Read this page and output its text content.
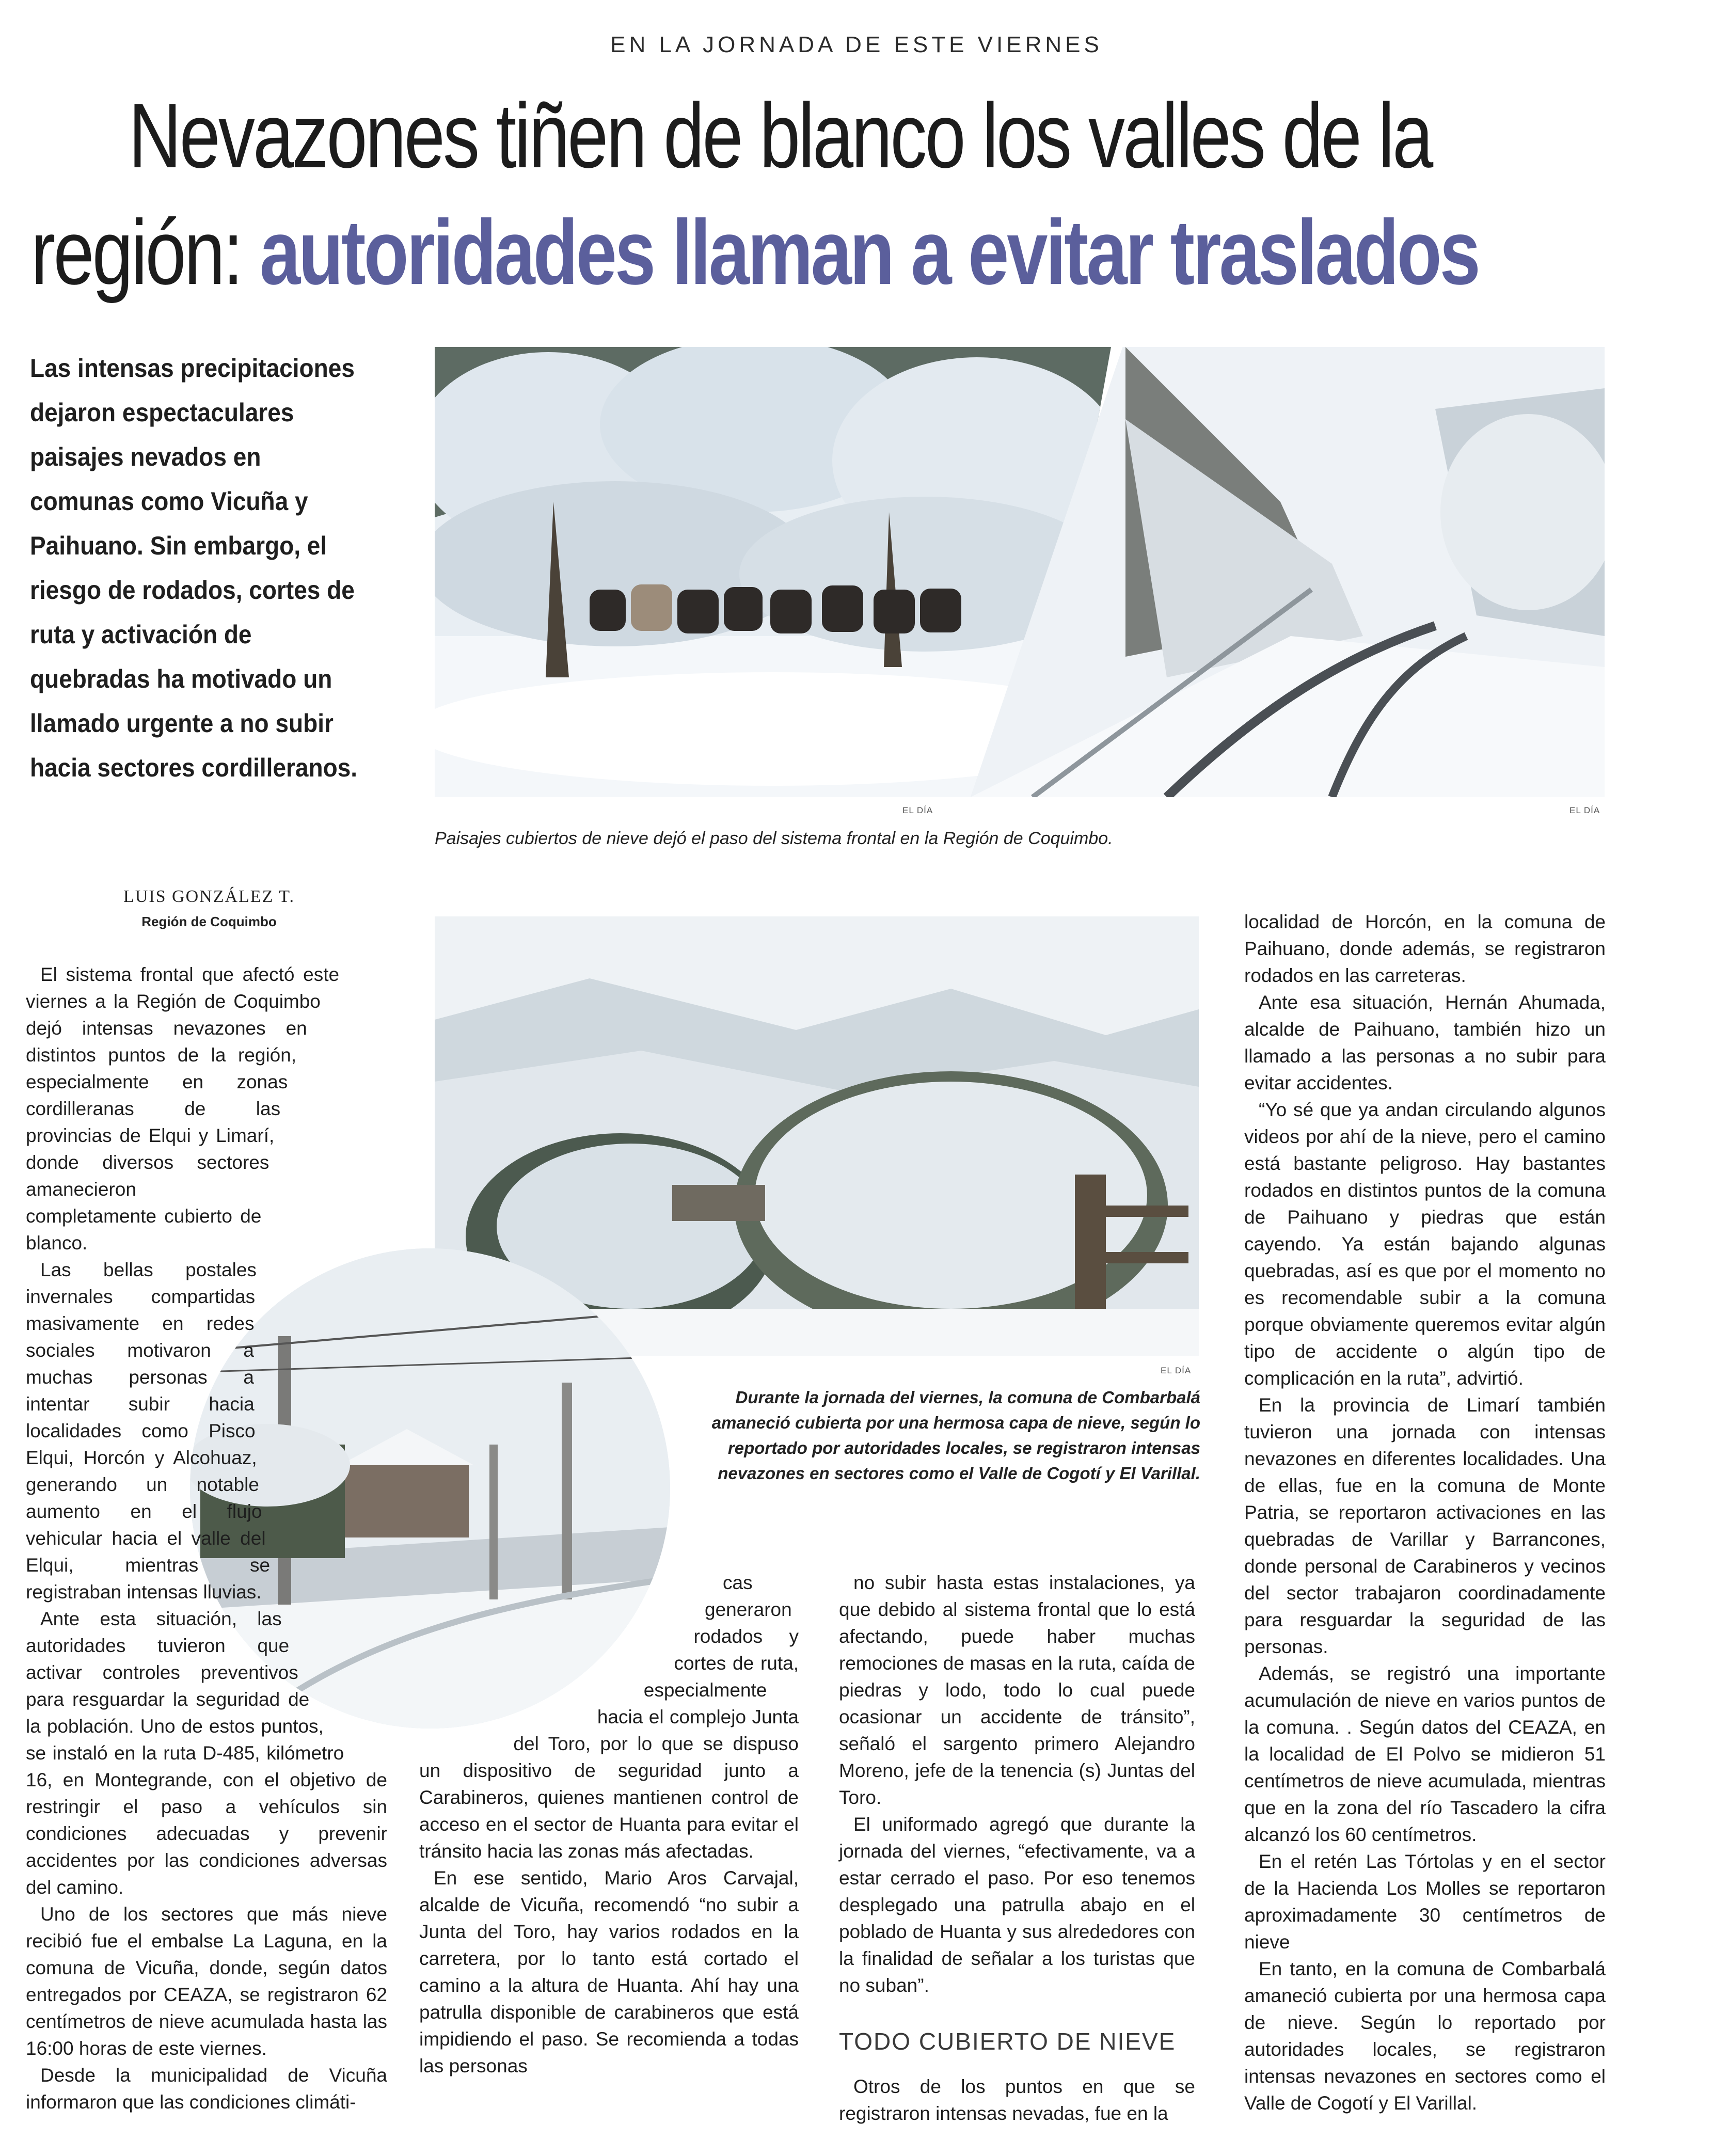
EN LA JORNADA DE ESTE VIERNES
Nevazones tiñen de blanco los valles de la
región: autoridades llaman a evitar traslados

Las intensas precipitaciones dejaron espectaculares paisajes nevados en comunas como Vicuña y Paihuano. Sin embargo, el riesgo de rodados, cortes de ruta y activación de quebradas ha motivado un llamado urgente a no subir hacia sectores cordilleranos.

EL DÍA	EL DÍA

Paisajes cubiertos de nieve dejó el paso del sistema frontal en la Región de Coquimbo.

EL DÍA

Durante la jornada del viernes, la comuna de Combarbalá amaneció cubierta por una hermosa capa de nieve, según lo reportado por autoridades locales, se registraron intensas nevazones en sectores como el Valle de Cogotí y El Varillal.

LUIS GONZÁLEZ T.
Región de Coquimbo

El sistema frontal que afectó este viernes a la Región de Coquimbo dejó intensas nevazones en distintos puntos de la región, especialmente en zonas cordilleranas de las provincias de Elqui y Limarí, donde diversos sectores amanecieron completamente cubierto de blanco.

Las bellas postales invernales compartidas masivamente en redes sociales motivaron a muchas personas a intentar subir hacia localidades como Pisco Elqui, Horcón y Alcohuaz, generando un notable aumento en el flujo vehicular hacia el valle del Elqui, mientras se registraban intensas lluvias.

Ante esta situación, las autoridades tuvieron que activar controles preventivos para resguardar la seguridad de la población. Uno de estos puntos, se instaló en la ruta D-485, kilómetro 16, en Montegrande, con el objetivo de restringir el paso a vehículos sin condiciones adecuadas y prevenir accidentes por las condiciones adversas del camino.

Uno de los sectores que más nieve recibió fue el embalse La Laguna, en la comuna de Vicuña, donde, según datos entregados por CEAZA, se registraron 62 centímetros de nieve acumulada hasta las 16:00 horas de este viernes.

Desde la municipalidad de Vicuña informaron que las condiciones climáti-

cas generaron rodados y cortes de ruta, especialmente hacia el complejo Junta del Toro, por lo que se dispuso un dispositivo de seguridad junto a Carabineros, quienes mantienen control de acceso en el sector de Huanta para evitar el tránsito hacia las zonas más afectadas.

En ese sentido, Mario Aros Carvajal, alcalde de Vicuña, recomendó “no subir a Junta del Toro, hay varios rodados en la carretera, por lo tanto está cortado el camino a la altura de Huanta. Ahí hay una patrulla disponible de carabineros que está impidiendo el paso. Se recomienda a todas las personas

no subir hasta estas instalaciones, ya que debido al sistema frontal que lo está afectando, puede haber muchas remociones de masas en la ruta, caída de piedras y lodo, todo lo cual puede ocasionar un accidente de tránsito”, señaló el sargento primero Alejandro Moreno, jefe de la tenencia (s) Juntas del Toro.

El uniformado agregó que durante la jornada del viernes, “efectivamente, va a estar cerrado el paso. Por eso tenemos desplegado una patrulla abajo en el poblado de Huanta y sus alrededores con la finalidad de señalar a los turistas que no suban”.

TODO CUBIERTO DE NIEVE

Otros de los puntos en que se registraron intensas nevadas, fue en la

localidad de Horcón, en la comuna de Paihuano, donde además, se registraron rodados en las carreteras.

Ante esa situación, Hernán Ahumada, alcalde de Paihuano, también hizo un llamado a las personas a no subir para evitar accidentes.

“Yo sé que ya andan circulando algunos videos por ahí de la nieve, pero el camino está bastante peligroso. Hay bastantes rodados en distintos puntos de la comuna de Paihuano y piedras que están cayendo. Ya están bajando algunas quebradas, así es que por el momento no es recomendable subir a la comuna porque obviamente queremos evitar algún tipo de accidente o algún tipo de complicación en la ruta”, advirtió.

En la provincia de Limarí también tuvieron una jornada con intensas nevazones en diferentes localidades. Una de ellas, fue en la comuna de Monte Patria, se reportaron activaciones en las quebradas de Varillar y Barrancones, donde personal de Carabineros y vecinos del sector trabajaron coordinadamente para resguardar la seguridad de las personas.

Además, se registró una importante acumulación de nieve en varios puntos de la comuna. . Según datos del CEAZA, en la localidad de El Polvo se midieron 51 centímetros de nieve acumulada, mientras que en la zona del río Tascadero la cifra alcanzó los 60 centímetros.

En el retén Las Tórtolas y en el sector de la Hacienda Los Molles se reportaron aproximadamente 30 centímetros de nieve

En tanto, en la comuna de Combarbalá amaneció cubierta por una hermosa capa de nieve. Según lo reportado por autoridades locales, se registraron intensas nevazones en sectores como el Valle de Cogotí y El Varillal.
